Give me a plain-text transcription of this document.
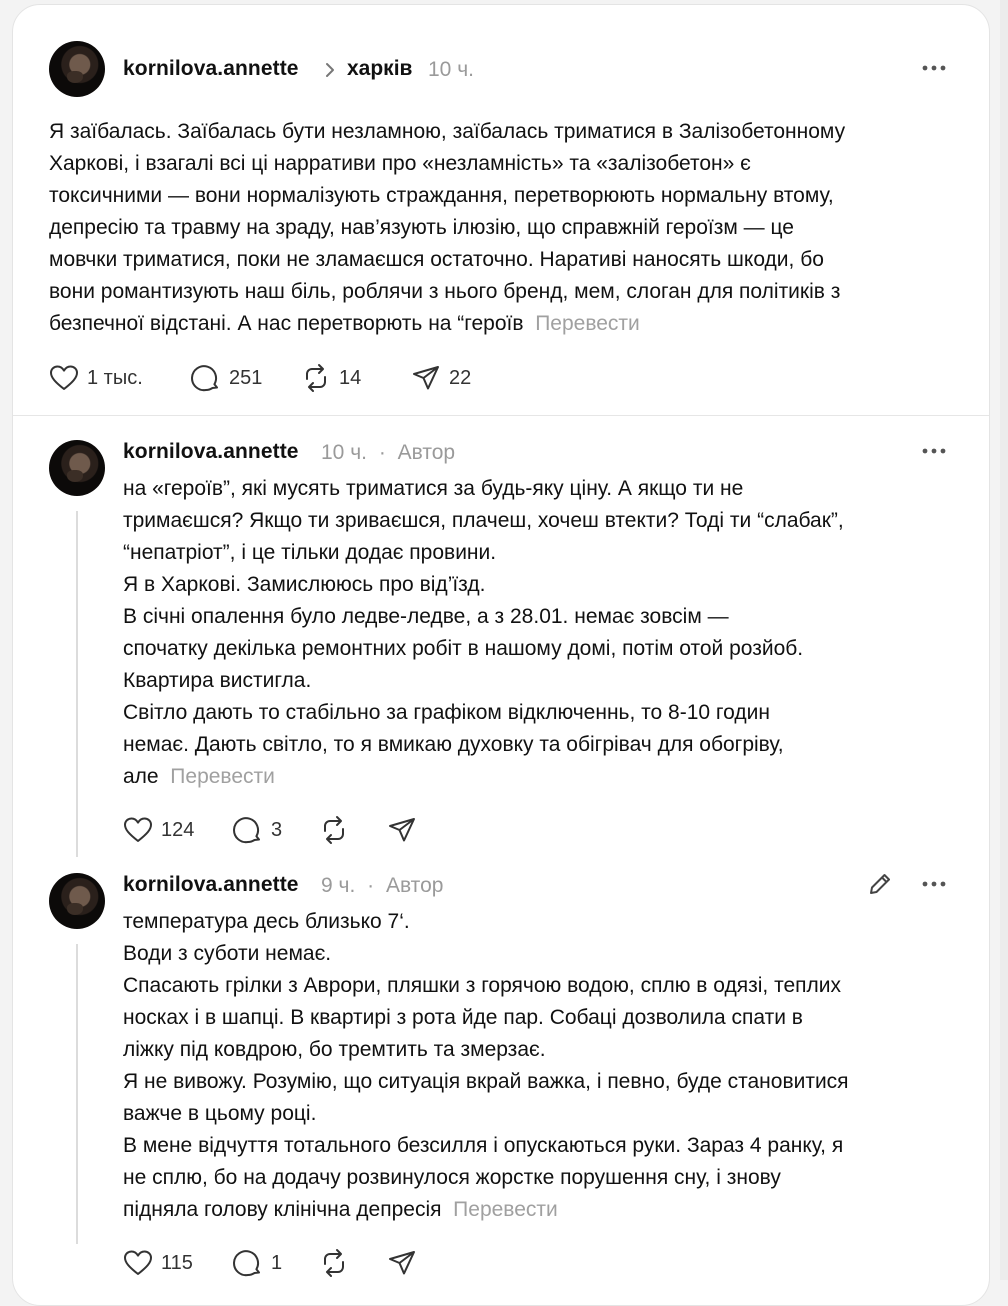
kornilova.annette харків 10 ч.

Я заїбалась. Заїбалась бути незламною, заїбалась триматися в Залізобетонному

Харкові, і взагалі всі ці нарративи про «незламність» та «залізобетон» є

токсичними — вони нормалізують страждання, перетворюють нормальну втому,

депресію та травму на зраду, нав’язують ілюзію, що справжній героїзм — це

мовчки триматися, поки не зламаєшся остаточно. Наративі наносять шкоди, бо

вони романтизують наш біль, роблячи з нього бренд, мем, слоган для політиків з

безпечної відстані. А нас перетворють на “героїв Перевести

1 тыс.	251	14	22
kornilova.annette 10 ч. · Автор

на «героїв”, які мусять триматися за будь-яку ціну. А якщо ти не

тримаєшся? Якщо ти зриваєшся, плачеш, хочеш втекти? Тоді ти “слабак”,

“непатріот”, і це тільки додає провини.

Я в Харкові. Замислююсь про від’їзд.

В січні опалення було ледве-ледве, а з 28.01. немає зовсім —

спочатку декілька ремонтних робіт в нашому домі, потім отой розйоб.

Квартира вистигла.

Світло дають то стабільно за графіком відключеннь, то 8-10 годин

немає. Дають світло, то я вмикаю духовку та обігрівач для обогріву,

але Перевести

124	3
kornilova.annette 9 ч. · Автор

температура десь близько 7‘.

Води з суботи немає.

Спасають грілки з Аврори, пляшки з горячою водою, сплю в одязі, теплих

носках і в шапці. В квартирі з рота йде пар. Собаці дозволила спати в

ліжку під ковдрою, бо тремтить та змерзає.

Я не вивожу. Розумію, що ситуація вкрай важка, і певно, буде становитися

важче в цьому році.

В мене відчуття тотального безсилля і опускаються руки. Зараз 4 ранку, я

не сплю, бо на додачу розвинулося жорстке порушення сну, і знову

підняла голову клінічна депресія Перевести

115	1
